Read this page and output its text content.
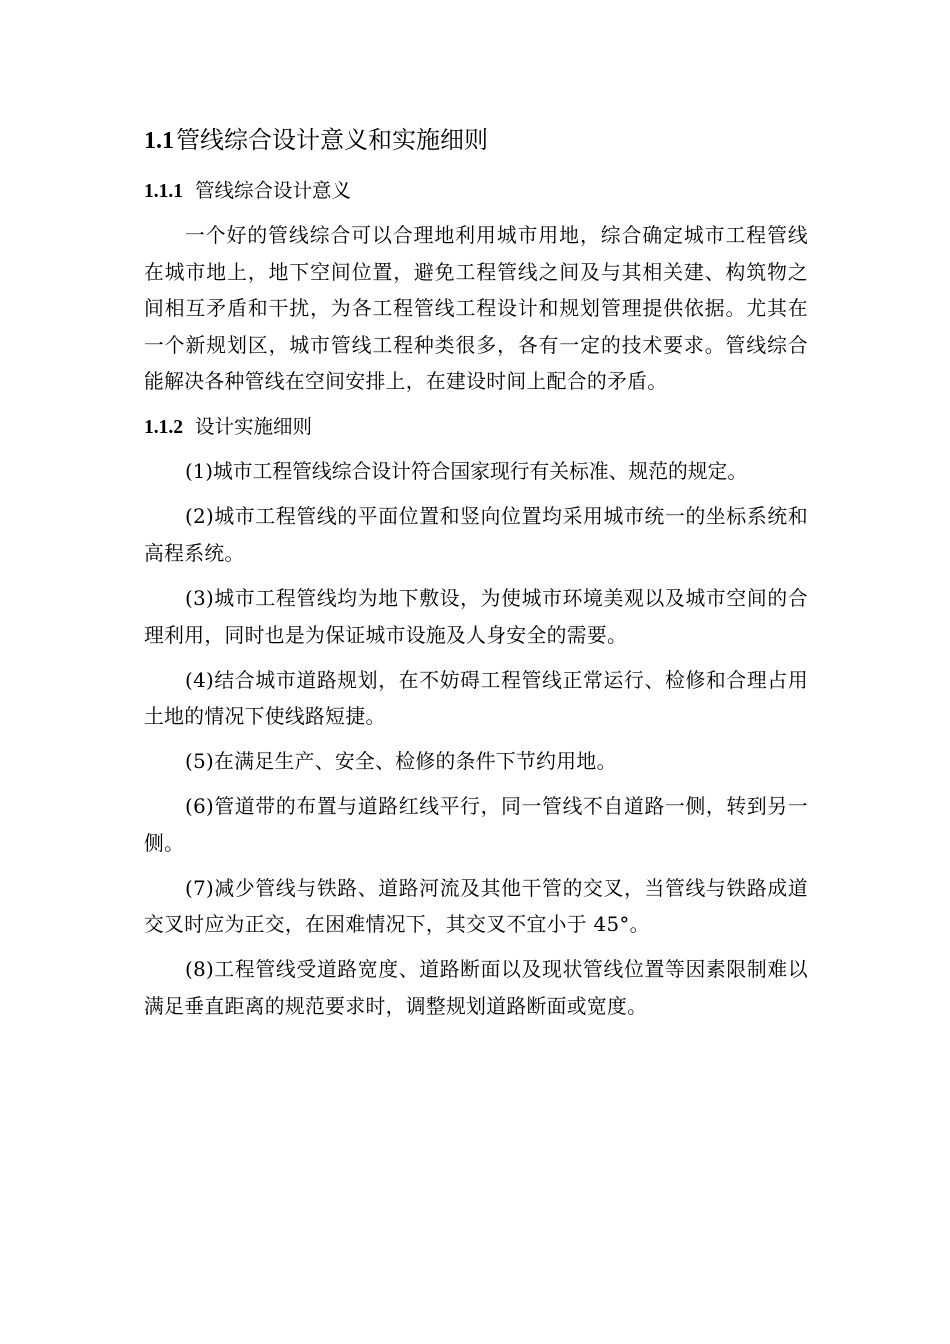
1.1管线综合设计意义和实施细则
1.1.1 管线综合设计意义

一个好的管线综合可以合理地利用城市用地，综合确定城市工程管线在城市地上，地下空间位置，避免工程管线之间及与其相关建、构筑物之间相互矛盾和干扰，为各工程管线工程设计和规划管理提供依据。尤其在一个新规划区，城市管线工程种类很多，各有一定的技术要求。管线综合能解决各种管线在空间安排上，在建设时间上配合的矛盾。

1.1.2 设计实施细则

(1)城市工程管线综合设计符合国家现行有关标准、规范的规定。

(2)城市工程管线的平面位置和竖向位置均采用城市统一的坐标系统和高程系统。

(3)城市工程管线均为地下敷设，为使城市环境美观以及城市空间的合理利用，同时也是为保证城市设施及人身安全的需要。

(4)结合城市道路规划，在不妨碍工程管线正常运行、检修和合理占用土地的情况下使线路短捷。

(5)在满足生产、安全、检修的条件下节约用地。

(6)管道带的布置与道路红线平行，同一管线不自道路一侧，转到另一侧。

(7)减少管线与铁路、道路河流及其他干管的交叉，当管线与铁路成道交叉时应为正交，在困难情况下，其交叉不宜小于 45°。

(8)工程管线受道路宽度、道路断面以及现状管线位置等因素限制难以满足垂直距离的规范要求时，调整规划道路断面或宽度。
